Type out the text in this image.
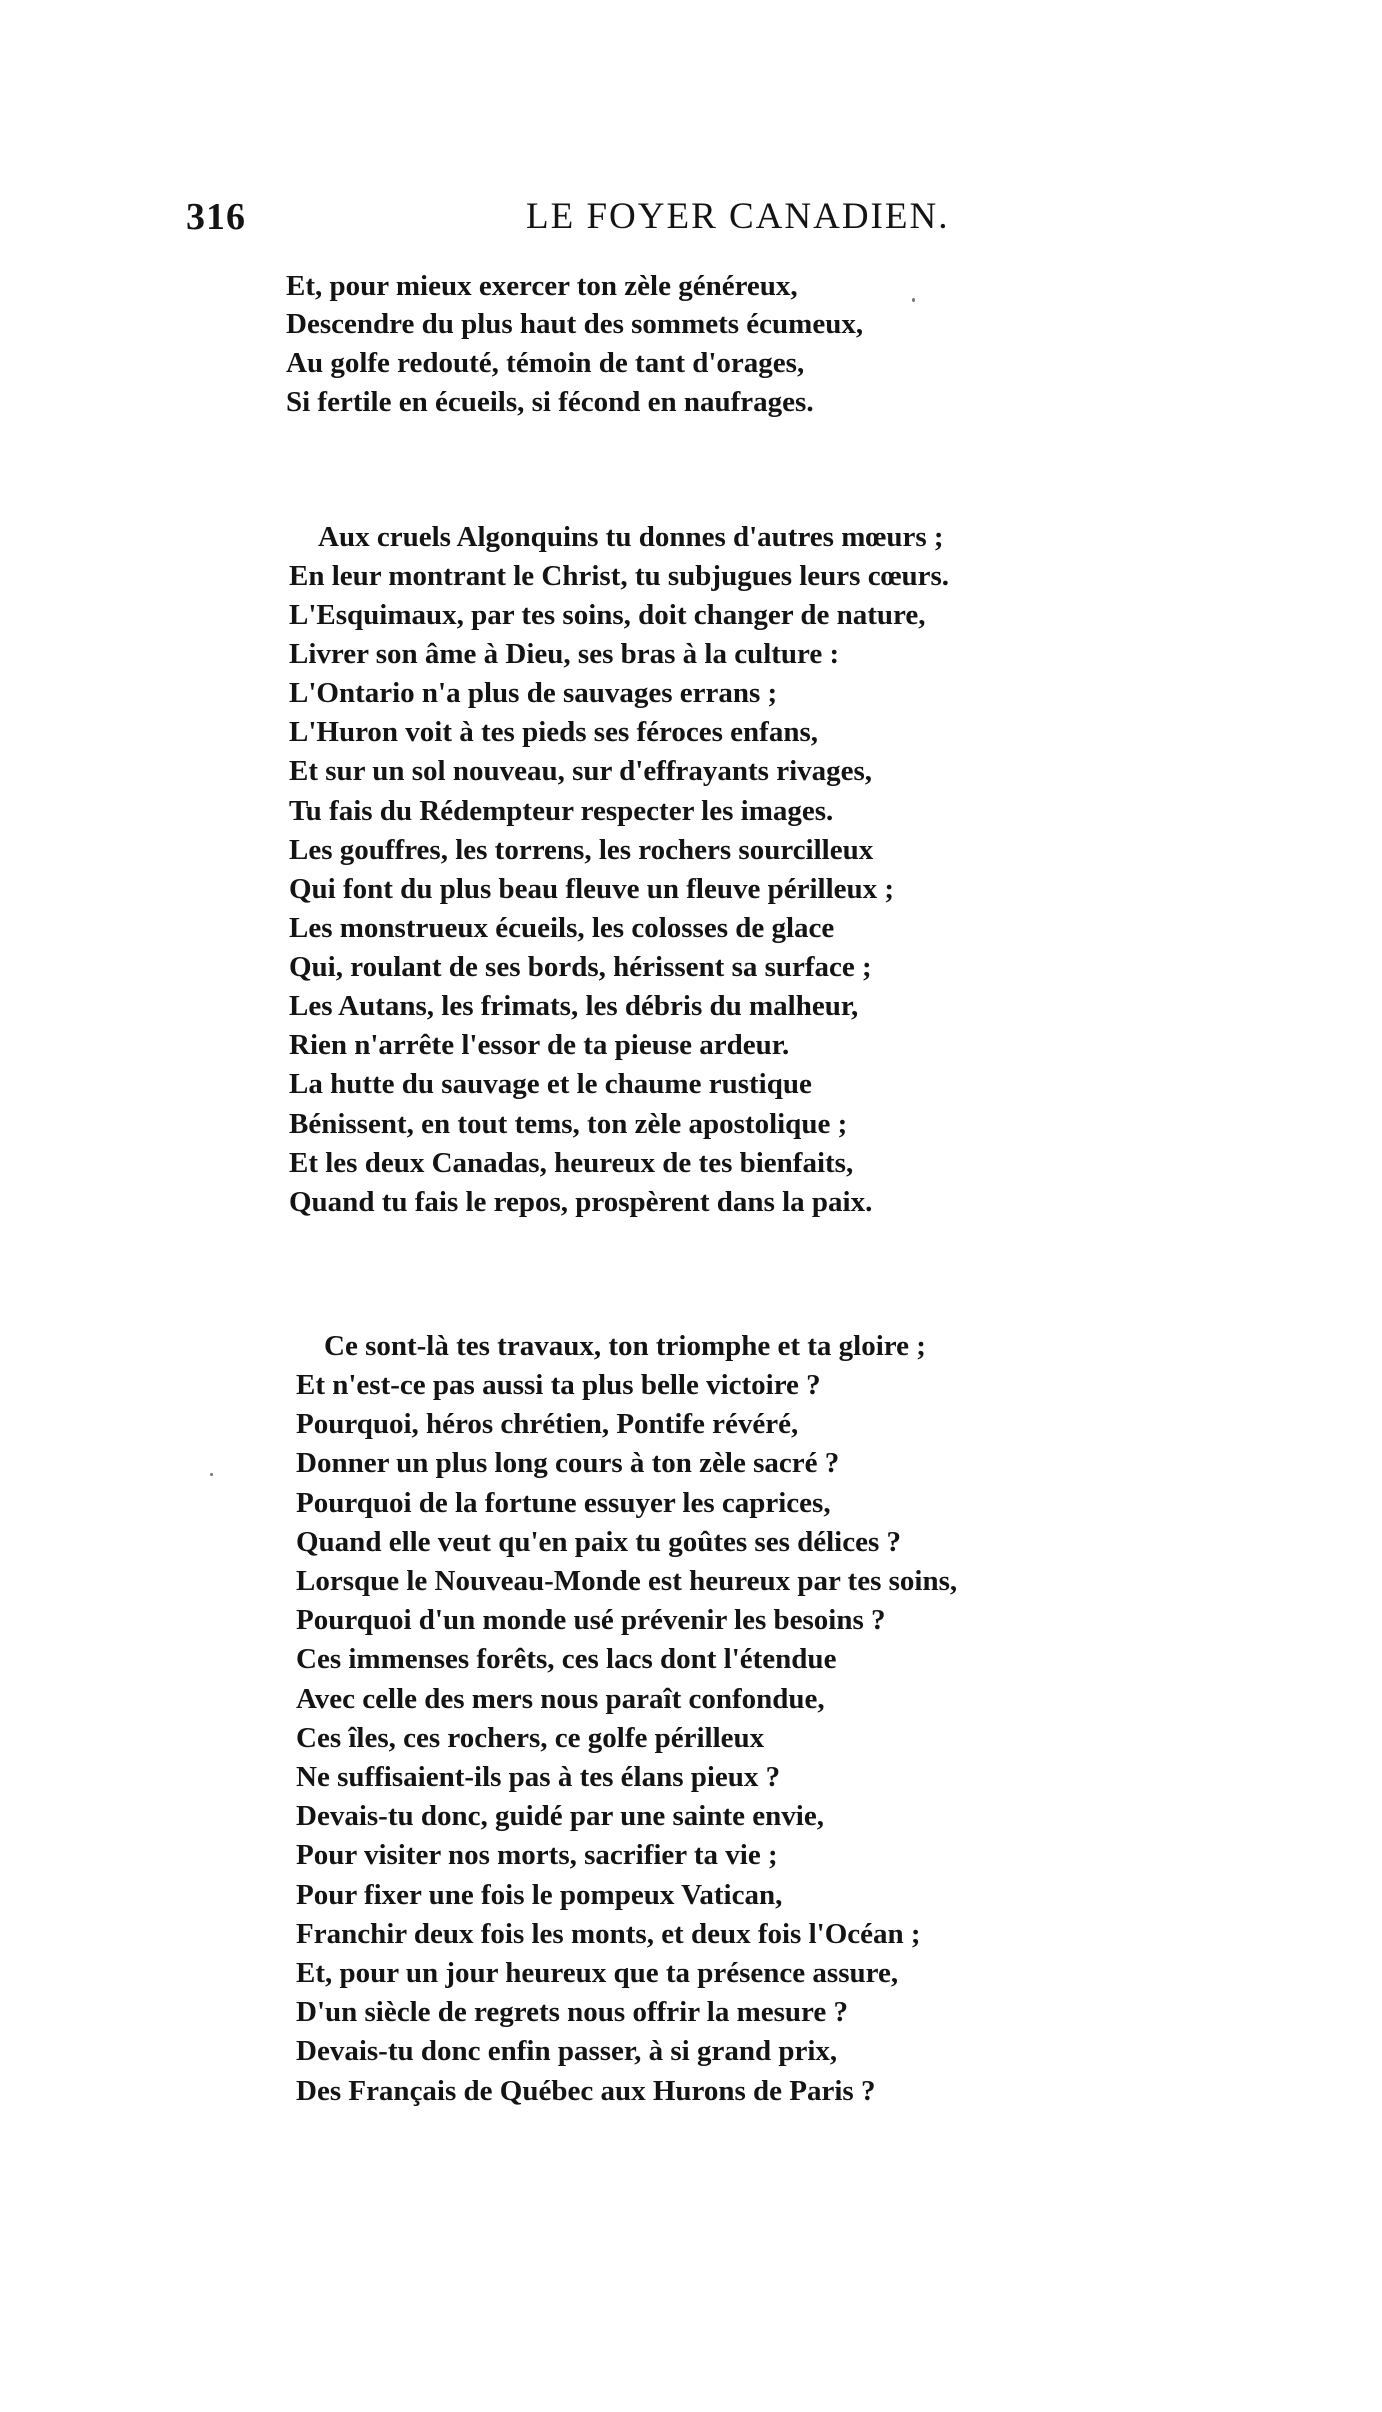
316	LE FOYER CANADIEN.
Et, pour mieux exercer ton zèle généreux,
Descendre du plus haut des sommets écumeux,
Au golfe redouté, témoin de tant d'orages,
Si fertile en écueils, si fécond en naufrages.
Aux cruels Algonquins tu donnes d'autres mœurs ;
En leur montrant le Christ, tu subjugues leurs cœurs.
L'Esquimaux, par tes soins, doit changer de nature,
Livrer son âme à Dieu, ses bras à la culture :
L'Ontario n'a plus de sauvages errans ;
L'Huron voit à tes pieds ses féroces enfans,
Et sur un sol nouveau, sur d'effrayants rivages,
Tu fais du Rédempteur respecter les images.
Les gouffres, les torrens, les rochers sourcilleux
Qui font du plus beau fleuve un fleuve périlleux ;
Les monstrueux écueils, les colosses de glace
Qui, roulant de ses bords, hérissent sa surface ;
Les Autans, les frimats, les débris du malheur,
Rien n'arrête l'essor de ta pieuse ardeur.
La hutte du sauvage et le chaume rustique
Bénissent, en tout tems, ton zèle apostolique ;
Et les deux Canadas, heureux de tes bienfaits,
Quand tu fais le repos, prospèrent dans la paix.
Ce sont-là tes travaux, ton triomphe et ta gloire ;
Et n'est-ce pas aussi ta plus belle victoire ?
Pourquoi, héros chrétien, Pontife révéré,
Donner un plus long cours à ton zèle sacré ?
Pourquoi de la fortune essuyer les caprices,
Quand elle veut qu'en paix tu goûtes ses délices ?
Lorsque le Nouveau-Monde est heureux par tes soins,
Pourquoi d'un monde usé prévenir les besoins ?
Ces immenses forêts, ces lacs dont l'étendue
Avec celle des mers nous paraît confondue,
Ces îles, ces rochers, ce golfe périlleux
Ne suffisaient-ils pas à tes élans pieux ?
Devais-tu donc, guidé par une sainte envie,
Pour visiter nos morts, sacrifier ta vie ;
Pour fixer une fois le pompeux Vatican,
Franchir deux fois les monts, et deux fois l'Océan ;
Et, pour un jour heureux que ta présence assure,
D'un siècle de regrets nous offrir la mesure ?
Devais-tu donc enfin passer, à si grand prix,
Des Français de Québec aux Hurons de Paris ?
